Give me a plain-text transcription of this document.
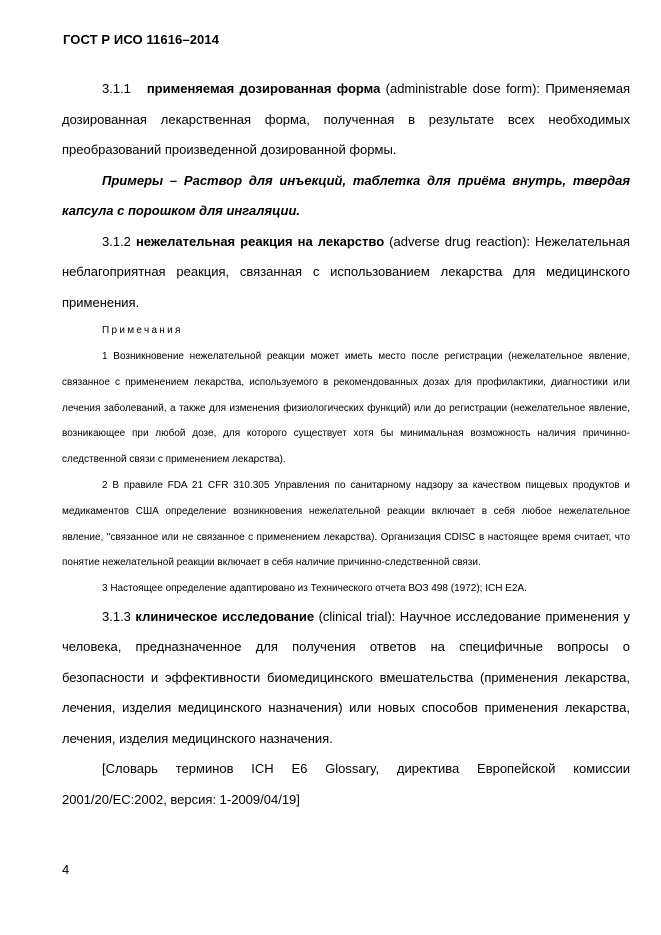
ГОСТ Р ИСО 11616–2014

3.1.1 применяемая дозированная форма (administrable dose form): Применяемая дозированная лекарственная форма, полученная в результате всех необходимых преобразований произведенной дозированной формы.

Примеры – Раствор для инъекций, таблетка для приёма внутрь, твердая капсула с порошком для ингаляции.

3.1.2 нежелательная реакция на лекарство (adverse drug reaction): Нежелательная неблагоприятная реакция, связанная с использованием лекарства для медицинского применения.

Примечания

1 Возникновение нежелательной реакции может иметь место после регистрации (нежелательное явление, связанное с применением лекарства, используемого в рекомендованных дозах для профилактики, диагностики или лечения заболеваний, а также для изменения физиологических функций) или до регистрации (нежелательное явление, возникающее при любой дозе, для которого существует хотя бы минимальная возможность наличия причинно-следственной связи с применением лекарства).

2 В правиле FDA 21 CFR 310.305 Управления по санитарному надзору за качеством пищевых продуктов и медикаментов США определение возникновения нежелательной реакции включает в себя любое нежелательное явление, "связанное или не связанное с применением лекарства). Организация CDISC в настоящее время считает, что понятие нежелательной реакции включает в себя наличие причинно-следственной связи.

3 Настоящее определение адаптировано из Технического отчета ВОЗ 498 (1972); ICH E2A.

3.1.3 клиническое исследование (clinical trial): Научное исследование применения у человека, предназначенное для получения ответов на специфичные вопросы о безопасности и эффективности биомедицинского вмешательства (применения лекарства, лечения, изделия медицинского назначения) или новых способов применения лекарства, лечения, изделия медицинского назначения.

[Словарь терминов ICH E6 Glossary, директива Европейской комиссии 2001/20/EC:2002, версия: 1-2009/04/19]

4
